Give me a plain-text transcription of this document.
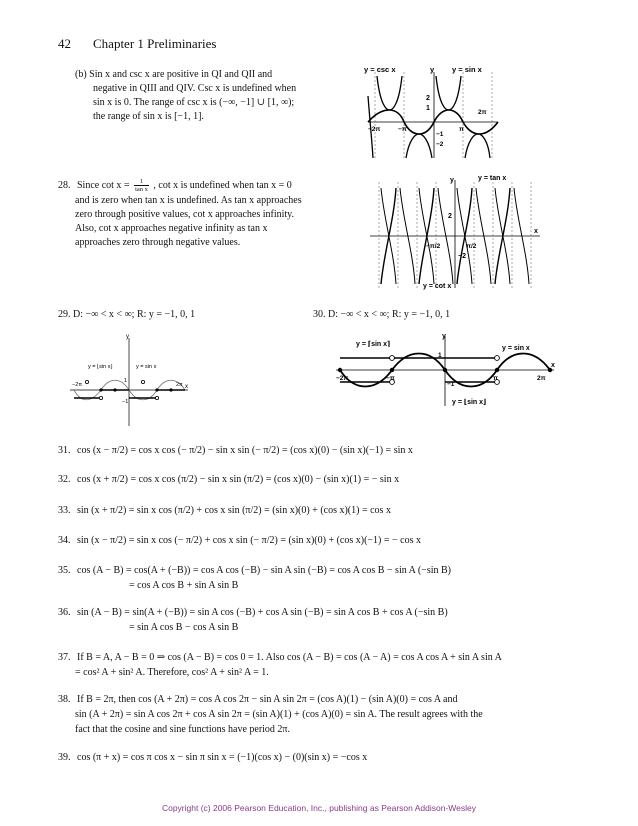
42 Chapter 1 Preliminaries
(b) Sin x and csc x are positive in QI and QII and
negative in QIII and QIV. Csc x is undefined when
sin x is 0. The range of csc x is (−∞, −1] ∪ [1, ∞);
the range of sin x is [−1, 1].
y = csc x	y y = sin x
2
1
−2π	−π	π
2π
−1
−2
28. Since $\cot x = \frac{1}{\text{tan x}}$ , cot x is undefined when tan x = 0
and is zero when tan x is undefined. As tan x approaches
zero through positive values, cot x approaches infinity.
Also, cot x approaches negative infinity as tan x
approaches zero through negative values.
y	y = tan x
x
2
−2
−π/2	π/2
y = cot x
29. D: −∞ < x < ∞; R: y = −1, 0, 1	30. D: −∞ < x < ∞; R: y = −1, 0, 1
y
x
y = ⌊sin x⌋	y = sin x
−2π	2π
1
−1
y = ⌈sin x⌉
y = sin x
y
x
y = ⌊sin x⌋
−2π	−π	π	2π
1
−1
31. cos (x − π/2) = cos x cos (− π/2) − sin x sin (− π/2) = (cos x)(0) − (sin x)(−1) = sin x
32. cos (x + π/2) = cos x cos (π/2) − sin x sin (π/2) = (cos x)(0) − (sin x)(1) = − sin x
33. sin (x + π/2) = sin x cos (π/2) + cos x sin (π/2) = (sin x)(0) + (cos x)(1) = cos x
34. sin (x − π/2) = sin x cos (− π/2) + cos x sin (− π/2) = (sin x)(0) + (cos x)(−1) = − cos x
35. cos (A − B) = cos(A + (−B)) = cos A cos (−B) − sin A sin (−B) = cos A cos B − sin A (−sin B)
= cos A cos B + sin A sin B
36. sin (A − B) = sin(A + (−B)) = sin A cos (−B) + cos A sin (−B) = sin A cos B + cos A (−sin B)
= sin A cos B − cos A sin B
37. If B = A, A − B = 0 ⇒ cos (A − B) = cos 0 = 1. Also cos (A − B) = cos (A − A) = cos A cos A + sin A sin A
= cos² A + sin² A. Therefore, cos² A + sin² A = 1.
38. If B = 2π, then cos (A + 2π) = cos A cos 2π − sin A sin 2π = (cos A)(1) − (sin A)(0) = cos A and
sin (A + 2π) = sin A cos 2π + cos A sin 2π = (sin A)(1) + (cos A)(0) = sin A. The result agrees with the
fact that the cosine and sine functions have period 2π.
39. cos (π + x) = cos π cos x − sin π sin x = (−1)(cos x) − (0)(sin x) = −cos x
Copyright (c) 2006 Pearson Education, Inc., publishing as Pearson Addison-Wesley
